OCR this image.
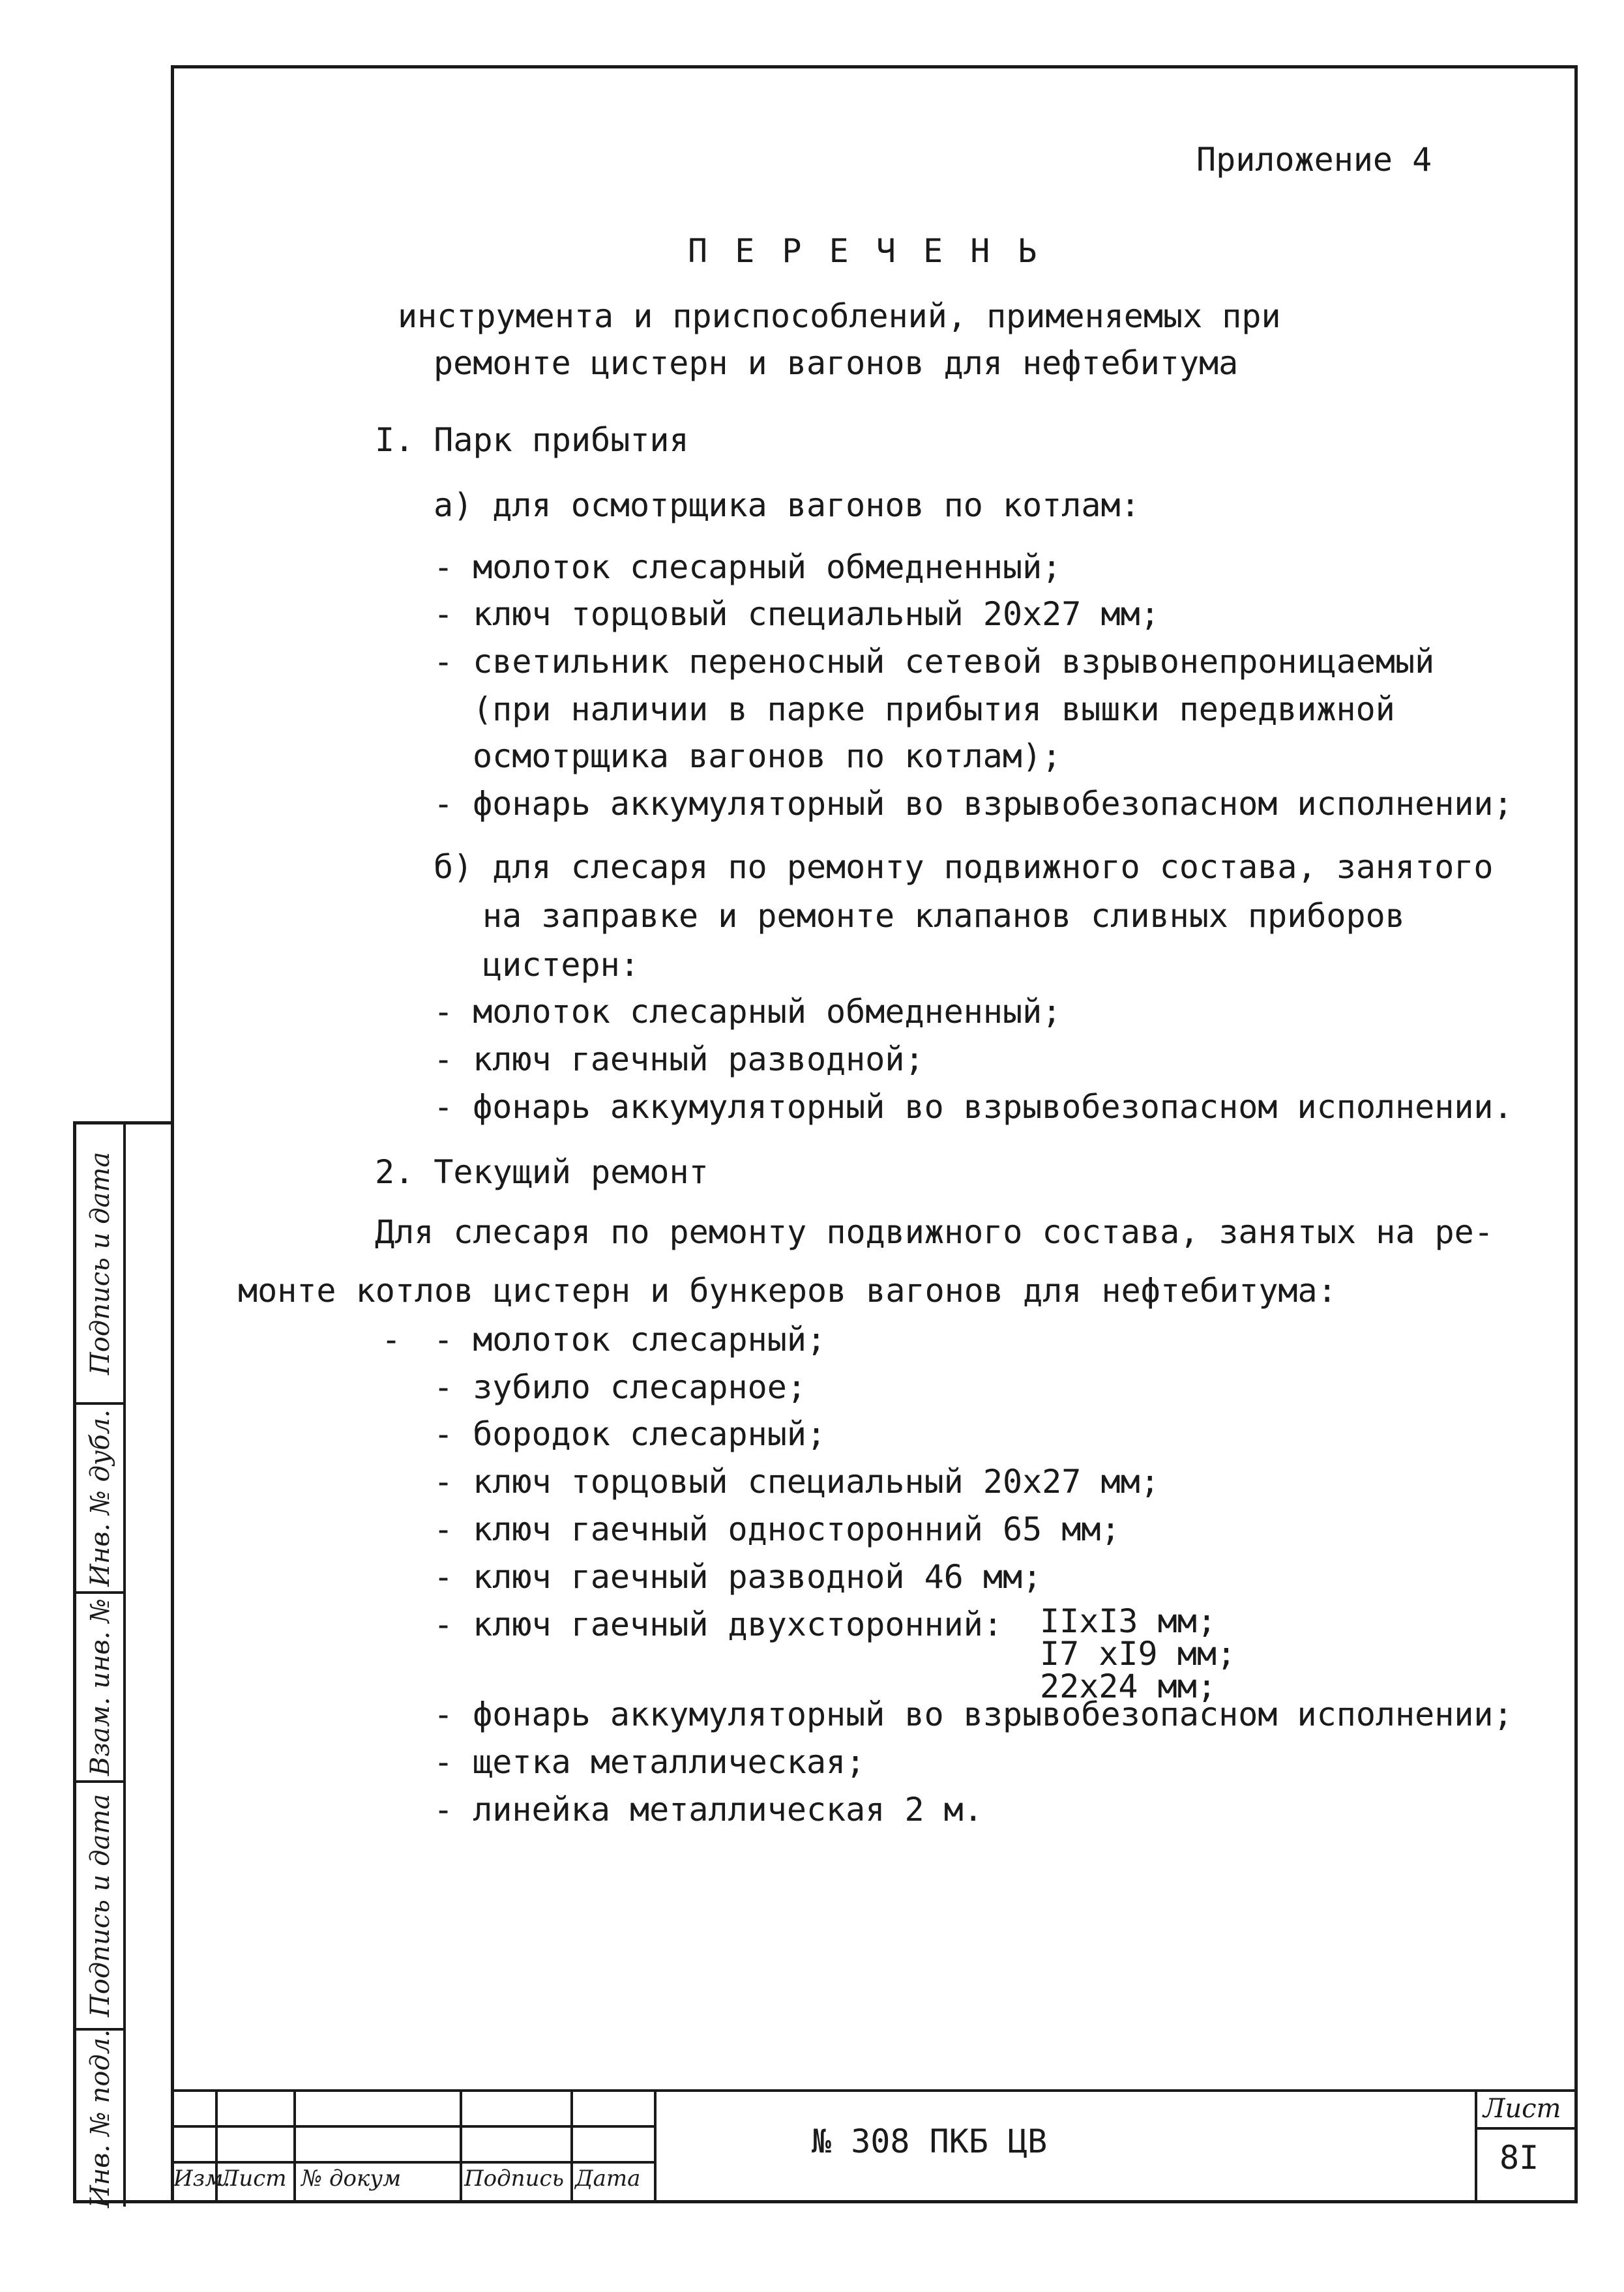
Подпись и дата
Инв. № дубл.
Взам. инв. №
Подпись и дата
Инв. № подл.
Приложение 4
П Е Р Е Ч Е Н Ь
инструмента и приспособлений, применяемых при
ремонте цистерн и вагонов для нефтебитума
I. Парк прибытия
а) для осмотрщика вагонов по котлам:
- молоток слесарный обмедненный;
- ключ торцовый специальный 20х27 мм;
- светильник переносный сетевой взрывонепроницаемый
(при наличии в парке прибытия вышки передвижной
осмотрщика вагонов по котлам);
- фонарь аккумуляторный во взрывобезопасном исполнении;
б) для слесаря по ремонту подвижного состава, занятого
на заправке и ремонте клапанов сливных приборов
цистерн:
- молоток слесарный обмедненный;
- ключ гаечный разводной;
- фонарь аккумуляторный во взрывобезопасном исполнении.
2. Текущий ремонт
Для слесаря по ремонту подвижного состава, занятых на ре-
монте котлов цистерн и бункеров вагонов для нефтебитума:
- - молоток слесарный;
- зубило слесарное;
- бородок слесарный;
- ключ торцовый специальный 20х27 мм;
- ключ гаечный односторонний 65 мм;
- ключ гаечный разводной 46 мм;
- ключ гаечный двухсторонний: IIхI3 мм;
I7 хI9 мм;
22х24 мм;
- фонарь аккумуляторный во взрывобезопасном исполнении;
- щетка металлическая;
- линейка металлическая 2 м.
Изм.
Лист № докум	Подпись Дата
№ 308 ПКБ ЦВ
Лист
8I
